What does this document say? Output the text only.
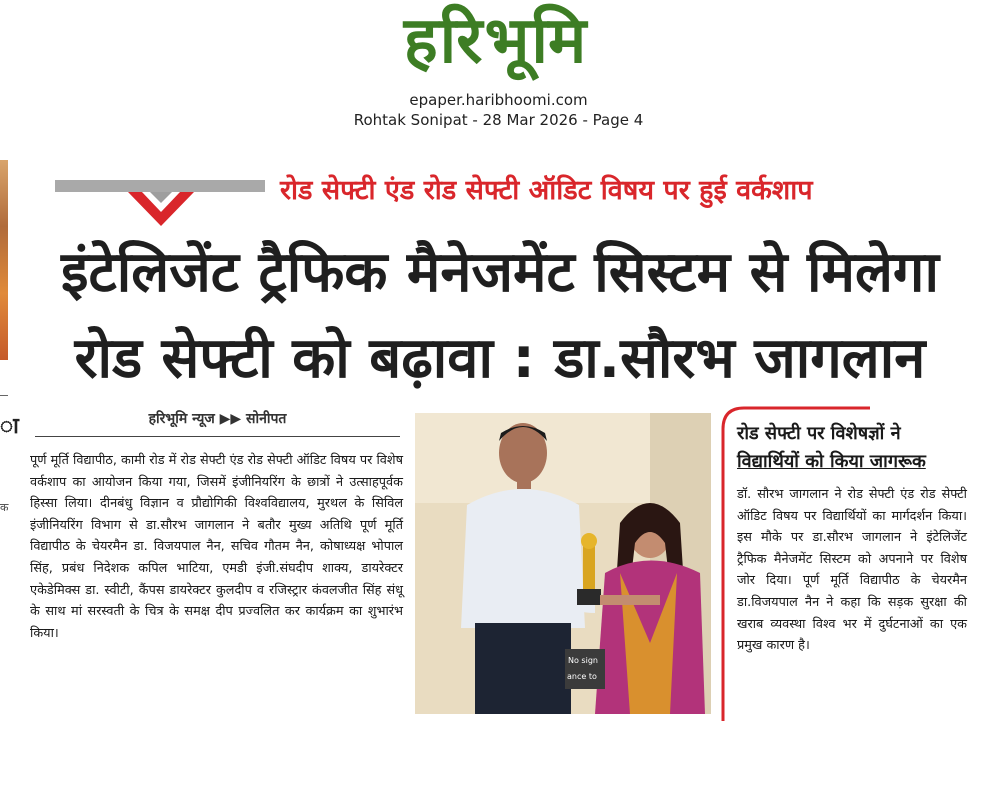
हरिभूमि
epaper.haribhoomi.com
Rohtak Sonipat - 28 Mar 2026 - Page 4
ा
क
रोड सेफ्टी एंड रोड सेफ्टी ऑडिट विषय पर हुई वर्कशाप
इंटेलिजेंट ट्रैफिक मैनेजमेंट सिस्टम से मिलेगा
रोड सेफ्टी को बढ़ावा : डा.सौरभ जागलान
हरिभूमि न्यूज ▶▶ सोनीपत
पूर्ण मूर्ति विद्यापीठ, कामी रोड में रोड सेफ्टी एंड रोड सेफ्टी ऑडिट विषय पर विशेष वर्कशाप का आयोजन किया गया, जिसमें इंजीनियरिंग के छात्रों ने उत्साहपूर्वक हिस्सा लिया। दीनबंधु विज्ञान व प्रौद्योगिकी विश्वविद्यालय, मुरथल के सिविल इंजीनियरिंग विभाग से डा.सौरभ जागलान ने बतौर मुख्य अतिथि पूर्ण मूर्ति विद्यापीठ के चेयरमैन डा. विजयपाल नैन, सचिव गौतम नैन, कोषाध्यक्ष भोपाल सिंह, प्रबंध निदेशक कपिल भाटिया, एमडी इंजी.संघदीप शाक्य, डायरेक्टर एकेडेमिक्स डा. स्वीटी, कैंपस डायरेक्टर कुलदीप व रजिस्ट्रार कंवलजीत सिंह संधू के साथ मां सरस्वती के चित्र के समक्ष दीप प्रज्वलित कर कार्यक्रम का शुभारंभ किया।
No sign
ance to
रोड सेफ्टी पर विशेषज्ञों ने
विद्यार्थियों को किया जागरूक
डॉ. सौरभ जागलान ने रोड सेफ्टी एंड रोड सेफ्टी ऑडिट विषय पर विद्यार्थियों का मार्गदर्शन किया। इस मौके पर डा.सौरभ जागलान ने इंटेलिजेंट ट्रैफिक मैनेजमेंट सिस्टम को अपनाने पर विशेष जोर दिया। पूर्ण मूर्ति विद्यापीठ के चेयरमैन डा.विजयपाल नैन ने कहा कि सड़क सुरक्षा की खराब व्यवस्था विश्व भर में दुर्घटनाओं का एक प्रमुख कारण है।
